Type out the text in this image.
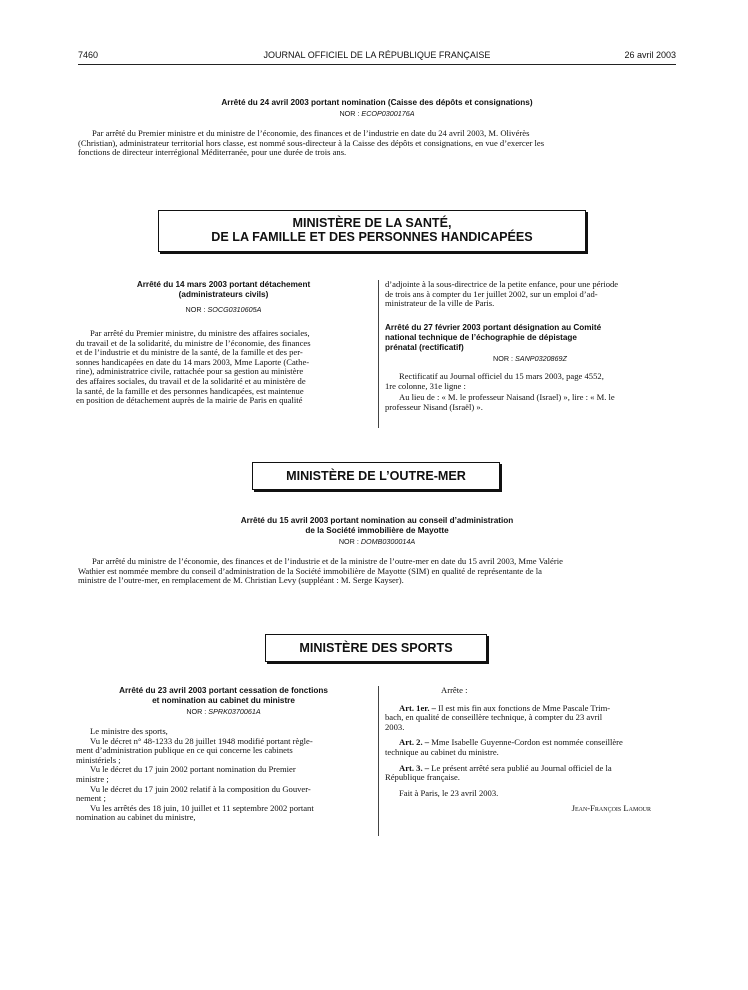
7460	JOURNAL OFFICIEL DE LA RÉPUBLIQUE FRANÇAISE	26 avril 2003

Arrêté du 24 avril 2003 portant nomination (Caisse des dépôts et consignations)

NOR : ECOP0300176A

Par arrêté du Premier ministre et du ministre de l’économie, des finances et de l’industrie en date du 24 avril 2003, M. Olivérès

(Christian), administrateur territorial hors classe, est nommé sous-directeur à la Caisse des dépôts et consignations, en vue d’exercer les

fonctions de directeur interrégional Méditerranée, pour une durée de trois ans.

MINISTÈRE DE LA SANTÉ,
DE LA FAMILLE ET DES PERSONNES HANDICAPÉES

Arrêté du 14 mars 2003 portant détachement

(administrateurs civils)

NOR : SOCG0310605A

Par arrêté du Premier ministre, du ministre des affaires sociales,

du travail et de la solidarité, du ministre de l’économie, des finances

et de l’industrie et du ministre de la santé, de la famille et des per-

sonnes handicapées en date du 14 mars 2003, Mme Laporte (Cathe-

rine), administratrice civile, rattachée pour sa gestion au ministère

des affaires sociales, du travail et de la solidarité et au ministère de

la santé, de la famille et des personnes handicapées, est maintenue

en position de détachement auprès de la mairie de Paris en qualité

d’adjointe à la sous-directrice de la petite enfance, pour une période

de trois ans à compter du 1er juillet 2002, sur un emploi d’ad-

ministrateur de la ville de Paris.

Arrêté du 27 février 2003 portant désignation au Comité

national technique de l’échographie de dépistage

prénatal (rectificatif)

NOR : SANP0320869Z

Rectificatif au Journal officiel du 15 mars 2003, page 4552,

1re colonne, 31e ligne :

Au lieu de : « M. le professeur Naisand (Israel) », lire : « M. le

professeur Nisand (Israël) ».

MINISTÈRE DE L’OUTRE-MER

Arrêté du 15 avril 2003 portant nomination au conseil d’administration

de la Société immobilière de Mayotte

NOR : DOMB0300014A

Par arrêté du ministre de l’économie, des finances et de l’industrie et de la ministre de l’outre-mer en date du 15 avril 2003, Mme Valérie

Wathier est nommée membre du conseil d’administration de la Société immobilière de Mayotte (SIM) en qualité de représentante de la

ministre de l’outre-mer, en remplacement de M. Christian Levy (suppléant : M. Serge Kayser).

MINISTÈRE DES SPORTS

Arrêté du 23 avril 2003 portant cessation de fonctions

et nomination au cabinet du ministre

NOR : SPRK0370061A

Le ministre des sports,

Vu le décret n° 48-1233 du 28 juillet 1948 modifié portant règle-

ment d’administration publique en ce qui concerne les cabinets

ministériels ;

Vu le décret du 17 juin 2002 portant nomination du Premier

ministre ;

Vu le décret du 17 juin 2002 relatif à la composition du Gouver-

nement ;

Vu les arrêtés des 18 juin, 10 juillet et 11 septembre 2002 portant

nomination au cabinet du ministre,

Arrête :

Art. 1er. – Il est mis fin aux fonctions de Mme Pascale Trim-

bach, en qualité de conseillère technique, à compter du 23 avril

2003.

Art. 2. – Mme Isabelle Guyenne-Cordon est nommée conseillère

technique au cabinet du ministre.

Art. 3. – Le présent arrêté sera publié au Journal officiel de la

République française.

Fait à Paris, le 23 avril 2003.

Jean-François Lamour
